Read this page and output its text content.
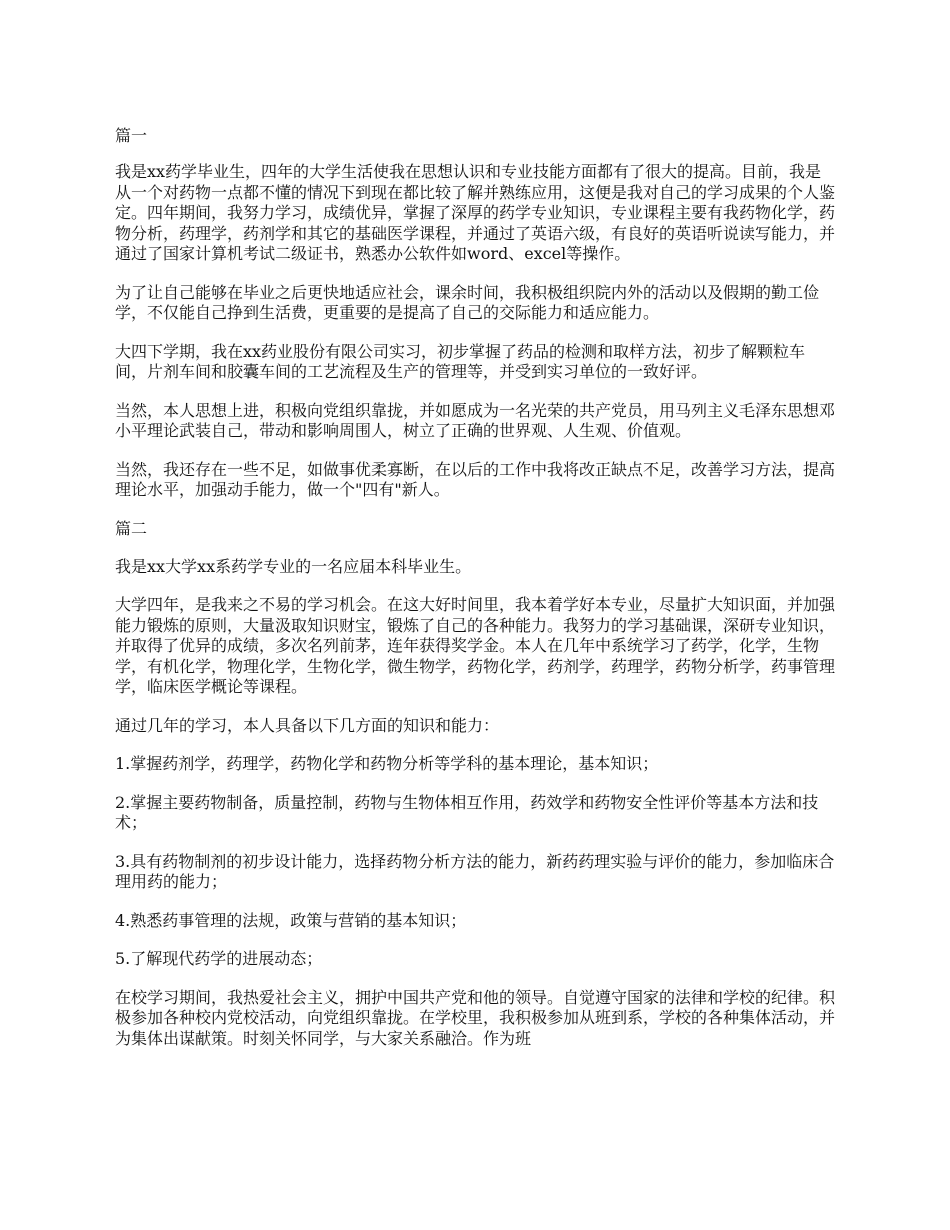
篇一

我是xx药学毕业生，四年的大学生活使我在思想认识和专业技能方面都有了很大的提高。目前，我是从一个对药物一点都不懂的情况下到现在都比较了解并熟练应用，这便是我对自己的学习成果的个人鉴定。四年期间，我努力学习，成绩优异，掌握了深厚的药学专业知识，专业课程主要有我药物化学，药物分析，药理学，药剂学和其它的基础医学课程，并通过了英语六级，有良好的英语听说读写能力，并通过了国家计算机考试二级证书，熟悉办公软件如word、excel等操作。

为了让自己能够在毕业之后更快地适应社会，课余时间，我积极组织院内外的活动以及假期的勤工俭学，不仅能自己挣到生活费，更重要的是提高了自己的交际能力和适应能力。

大四下学期，我在xx药业股份有限公司实习，初步掌握了药品的检测和取样方法，初步了解颗粒车间，片剂车间和胶囊车间的工艺流程及生产的管理等，并受到实习单位的一致好评。

当然，本人思想上进，积极向党组织靠拢，并如愿成为一名光荣的共产党员，用马列主义毛泽东思想邓小平理论武装自己，带动和影响周围人，树立了正确的世界观、人生观、价值观。

当然，我还存在一些不足，如做事优柔寡断，在以后的工作中我将改正缺点不足，改善学习方法，提高理论水平，加强动手能力，做一个"四有"新人。

篇二

我是xx大学xx系药学专业的一名应届本科毕业生。

大学四年，是我来之不易的学习机会。在这大好时间里，我本着学好本专业，尽量扩大知识面，并加强能力锻炼的原则，大量汲取知识财宝，锻炼了自己的各种能力。我努力的学习基础课，深研专业知识，并取得了优异的成绩，多次名列前茅，连年获得奖学金。本人在几年中系统学习了药学，化学，生物学，有机化学，物理化学，生物化学，微生物学，药物化学，药剂学，药理学，药物分析学，药事管理学，临床医学概论等课程。

通过几年的学习，本人具备以下几方面的知识和能力：

1.掌握药剂学，药理学，药物化学和药物分析等学科的基本理论，基本知识；

2.掌握主要药物制备，质量控制，药物与生物体相互作用，药效学和药物安全性评价等基本方法和技术；

3.具有药物制剂的初步设计能力，选择药物分析方法的能力，新药药理实验与评价的能力，参加临床合理用药的能力；

4.熟悉药事管理的法规，政策与营销的基本知识；

5.了解现代药学的进展动态；

在校学习期间，我热爱社会主义，拥护中国共产党和他的领导。自觉遵守国家的法律和学校的纪律。积极参加各种校内党校活动，向党组织靠拢。在学校里，我积极参加从班到系，学校的各种集体活动，并为集体出谋献策。时刻关怀同学，与大家关系融洽。作为班
